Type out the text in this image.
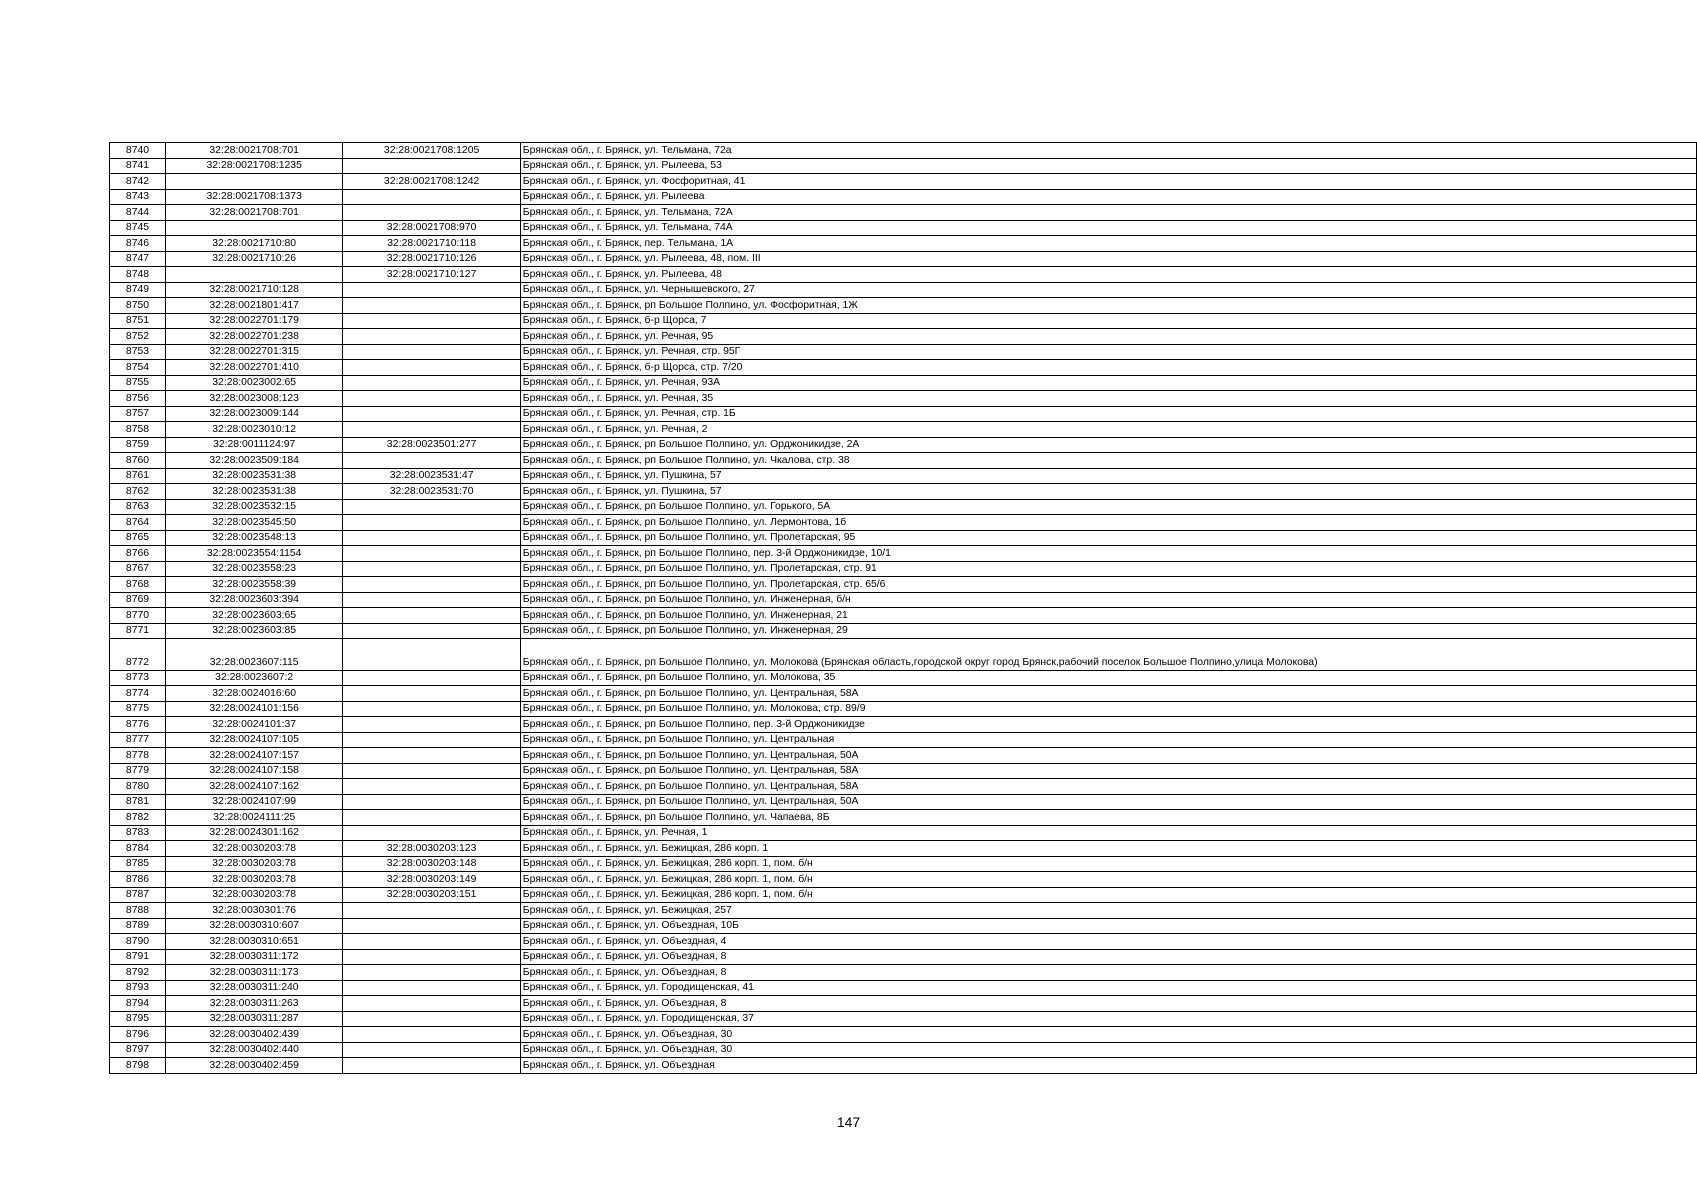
8740	32:28:0021708:701	32:28:0021708:1205	Брянская обл., г. Брянск, ул. Тельмана, 72а
8741	32:28:0021708:1235		Брянская обл., г. Брянск, ул. Рылеева, 53
8742		32:28:0021708:1242	Брянская обл., г. Брянск, ул. Фосфоритная, 41
8743	32:28:0021708:1373		Брянская обл., г. Брянск, ул. Рылеева
8744	32:28:0021708:701		Брянская обл., г. Брянск, ул. Тельмана, 72А
8745		32:28:0021708:970	Брянская обл., г. Брянск, ул. Тельмана, 74А
8746	32:28:0021710:80	32:28:0021710:118	Брянская обл., г. Брянск, пер. Тельмана, 1А
8747	32:28:0021710:26	32:28:0021710:126	Брянская обл., г. Брянск, ул. Рылеева, 48, пом. III
8748		32:28:0021710:127	Брянская обл., г. Брянск, ул. Рылеева, 48
8749	32:28:0021710:128		Брянская обл., г. Брянск, ул. Чернышевского, 27
8750	32:28:0021801:417		Брянская обл., г. Брянск, рп Большое Полпино, ул. Фосфоритная, 1Ж
8751	32:28:0022701:179		Брянская обл., г. Брянск, б-р Щорса, 7
8752	32:28:0022701:238		Брянская обл., г. Брянск, ул. Речная, 95
8753	32:28:0022701:315		Брянская обл., г. Брянск, ул. Речная, стр. 95Г
8754	32:28:0022701:410		Брянская обл., г. Брянск, б-р Щорса, стр. 7/20
8755	32:28:0023002:65		Брянская обл., г. Брянск, ул. Речная, 93А
8756	32:28:0023008:123		Брянская обл., г. Брянск, ул. Речная, 35
8757	32:28:0023009:144		Брянская обл., г. Брянск, ул. Речная, стр. 1Б
8758	32:28:0023010:12		Брянская обл., г. Брянск, ул. Речная, 2
8759	32:28:0011124:97	32:28:0023501:277	Брянская обл., г. Брянск, рп Большое Полпино, ул. Орджоникидзе, 2А
8760	32:28:0023509:184		Брянская обл., г. Брянск, рп Большое Полпино, ул. Чкалова, стр. 38
8761	32:28:0023531:38	32:28:0023531:47	Брянская обл., г. Брянск, ул. Пушкина, 57
8762	32:28:0023531:38	32:28:0023531:70	Брянская обл., г. Брянск, ул. Пушкина, 57
8763	32:28:0023532:15		Брянская обл., г. Брянск, рп Большое Полпино, ул. Горького, 5А
8764	32:28:0023545:50		Брянская обл., г. Брянск, рп Большое Полпино, ул. Лермонтова, 1б
8765	32:28:0023548:13		Брянская обл., г. Брянск, рп Большое Полпино, ул. Пролетарская, 95
8766	32:28:0023554:1154		Брянская обл., г. Брянск, рп Большое Полпино, пер. 3-й Орджоникидзе, 10/1
8767	32:28:0023558:23		Брянская обл., г. Брянск, рп Большое Полпино, ул. Пролетарская, стр. 91
8768	32:28:0023558:39		Брянская обл., г. Брянск, рп Большое Полпино, ул. Пролетарская, стр. 65/6
8769	32:28:0023603:394		Брянская обл., г. Брянск, рп Большое Полпино, ул. Инженерная, б/н
8770	32:28:0023603:65		Брянская обл., г. Брянск, рп Большое Полпино, ул. Инженерная, 21
8771	32:28:0023603:85		Брянская обл., г. Брянск, рп Большое Полпино, ул. Инженерная, 29
8772	32:28:0023607:115		Брянская обл., г. Брянск, рп Большое Полпино, ул. Молокова (Брянская область,городской округ город Брянск,рабочий поселок Большое Полпино,улица Молокова)
8773	32:28:0023607:2		Брянская обл., г. Брянск, рп Большое Полпино, ул. Молокова, 35
8774	32:28:0024016:60		Брянская обл., г. Брянск, рп Большое Полпино, ул. Центральная, 58А
8775	32:28:0024101:156		Брянская обл., г. Брянск, рп Большое Полпино, ул. Молокова, стр. 89/9
8776	32:28:0024101:37		Брянская обл., г. Брянск, рп Большое Полпино, пер. 3-й Орджоникидзе
8777	32:28:0024107:105		Брянская обл., г. Брянск, рп Большое Полпино, ул. Центральная
8778	32:28:0024107:157		Брянская обл., г. Брянск, рп Большое Полпино, ул. Центральная, 50А
8779	32:28:0024107:158		Брянская обл., г. Брянск, рп Большое Полпино, ул. Центральная, 58А
8780	32:28:0024107:162		Брянская обл., г. Брянск, рп Большое Полпино, ул. Центральная, 58А
8781	32:28:0024107:99		Брянская обл., г. Брянск, рп Большое Полпино, ул. Центральная, 50А
8782	32:28:0024111:25		Брянская обл., г. Брянск, рп Большое Полпино, ул. Чапаева, 8Б
8783	32:28:0024301:162		Брянская обл., г. Брянск, ул. Речная, 1
8784	32:28:0030203:78	32:28:0030203:123	Брянская обл., г. Брянск, ул. Бежицкая, 286 корп. 1
8785	32:28:0030203:78	32:28:0030203:148	Брянская обл., г. Брянск, ул. Бежицкая, 286 корп. 1, пом. б/н
8786	32:28:0030203:78	32:28:0030203:149	Брянская обл., г. Брянск, ул. Бежицкая, 286 корп. 1, пом. б/н
8787	32:28:0030203:78	32:28:0030203:151	Брянская обл., г. Брянск, ул. Бежицкая, 286 корп. 1, пом. б/н
8788	32:28:0030301:76		Брянская обл., г. Брянск, ул. Бежицкая, 257
8789	32:28:0030310:607		Брянская обл., г. Брянск, ул. Объездная, 10Б
8790	32:28:0030310:651		Брянская обл., г. Брянск, ул. Объездная, 4
8791	32:28:0030311:172		Брянская обл., г. Брянск, ул. Объездная, 8
8792	32:28:0030311:173		Брянская обл., г. Брянск, ул. Объездная, 8
8793	32:28:0030311:240		Брянская обл., г. Брянск, ул. Городищенская, 41
8794	32:28:0030311:263		Брянская обл., г. Брянск, ул. Объездная, 8
8795	32:28:0030311:287		Брянская обл., г. Брянск, ул. Городищенская, 37
8796	32:28:0030402:439		Брянская обл., г. Брянск, ул. Объездная, 30
8797	32:28:0030402:440		Брянская обл., г. Брянск, ул. Объездная, 30
8798	32:28:0030402:459		Брянская обл., г. Брянск, ул. Объездная
147
